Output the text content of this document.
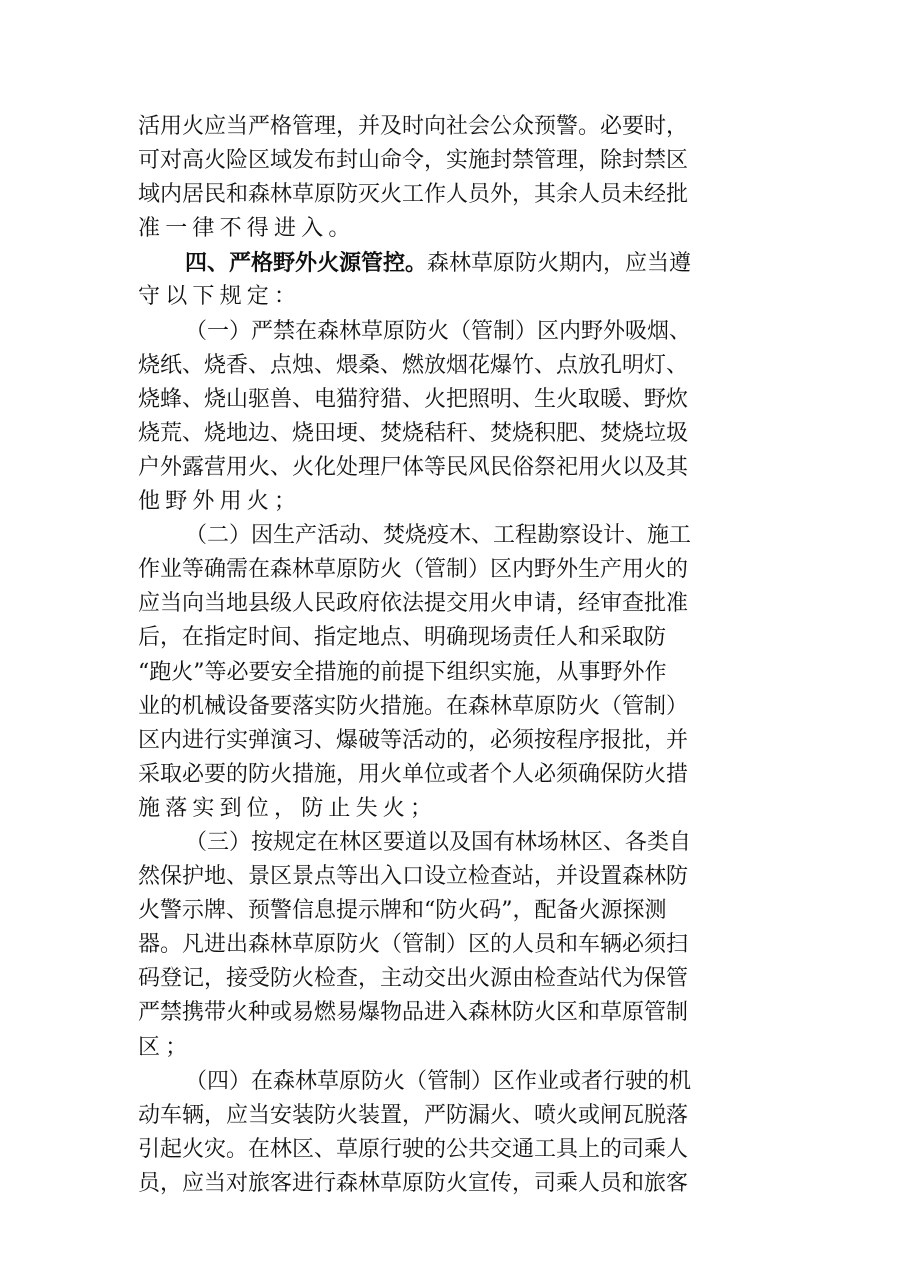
活用火应当严格管理，并及时向社会公众预警。必要时，
可对高火险区域发布封山命令，实施封禁管理，除封禁区
域内居民和森林草原防灭火工作人员外，其余人员未经批
准一律不得进入。
四、严格野外火源管控。森林草原防火期内，应当遵
守以下规定：
（一）严禁在森林草原防火（管制）区内野外吸烟、
烧纸、烧香、点烛、煨桑、燃放烟花爆竹、点放孔明灯、
烧蜂、烧山驱兽、电猫狩猎、火把照明、生火取暖、野炊
烧荒、烧地边、烧田埂、焚烧秸秆、焚烧积肥、焚烧垃圾
户外露营用火、火化处理尸体等民风民俗祭祀用火以及其
他野外用火；
（二）因生产活动、焚烧疫木、工程勘察设计、施工
作业等确需在森林草原防火（管制）区内野外生产用火的
应当向当地县级人民政府依法提交用火申请，经审查批准
后，在指定时间、指定地点、明确现场责任人和采取防
“跑火”等必要安全措施的前提下组织实施，从事野外作
业的机械设备要落实防火措施。在森林草原防火（管制）
区内进行实弹演习、爆破等活动的，必须按程序报批，并
采取必要的防火措施，用火单位或者个人必须确保防火措
施落实到位，防止失火；
（三）按规定在林区要道以及国有林场林区、各类自
然保护地、景区景点等出入口设立检查站，并设置森林防
火警示牌、预警信息提示牌和“防火码”，配备火源探测
器。凡进出森林草原防火（管制）区的人员和车辆必须扫
码登记，接受防火检查，主动交出火源由检查站代为保管
严禁携带火种或易燃易爆物品进入森林防火区和草原管制
区；
（四）在森林草原防火（管制）区作业或者行驶的机
动车辆，应当安装防火装置，严防漏火、喷火或闸瓦脱落
引起火灾。在林区、草原行驶的公共交通工具上的司乘人
员，应当对旅客进行森林草原防火宣传，司乘人员和旅客
